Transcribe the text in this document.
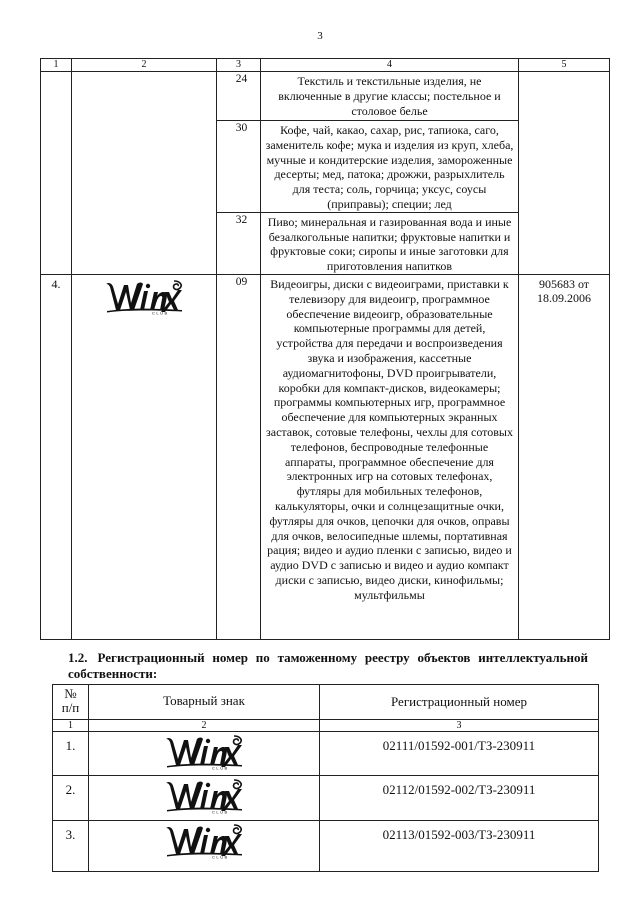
3
1	2	3	4	5
		24	Текстиль и текстильные изделия, не включенные в другие классы; постельное и столовое белье	
		30	Кофе, чай, какао, сахар, рис, тапиока, саго, заменитель кофе; мука и изделия из круп, хлеба, мучные и кондитерские изделия, замороженные десерты; мед, патока; дрожжи, разрыхлитель для теста; соль, горчица; уксус, соусы (приправы); специи; лед	
		32	Пиво; минеральная и газированная вода и иные безалкогольные напитки; фруктовые напитки и фруктовые соки; сиропы и иные заготовки для приготовления напитков	
4.	CLUB	09	Видеоигры, диски с видеоиграми, приставки к телевизору для видеоигр, программное обеспечение видеоигр, образовательные компьютерные программы для детей, устройства для передачи и воспроизведения звука и изображения, кассетные аудиомагнитофоны, DVD проигрыватели, коробки для компакт-дисков, видеокамеры; программы компьютерных игр, программное обеспечение для компьютерных экранных заставок, сотовые телефоны, чехлы для сотовых телефонов, беспроводные телефонные аппараты, программное обеспечение для электронных игр на сотовых телефонах, футляры для мобильных телефонов, калькуляторы, очки и солнцезащитные очки, футляры для очков, цепочки для очков, оправы для очков, велосипедные шлемы, портативная рация; видео и аудио пленки с записью, видео и аудио DVD с записью и видео и аудио компакт диски с записью, видео диски, кинофильмы; мультфильмы	905683 от
18.09.2006
1.2. Регистрационный номер по таможенному реестру объектов интеллектуальной собственности:
№
п/п	Товарный знак	Регистрационный номер
1	2	3
1.	CLUB	02111/01592-001/ТЗ-230911
2.	CLUB	02112/01592-002/ТЗ-230911
3.	CLUB	02113/01592-003/ТЗ-230911
